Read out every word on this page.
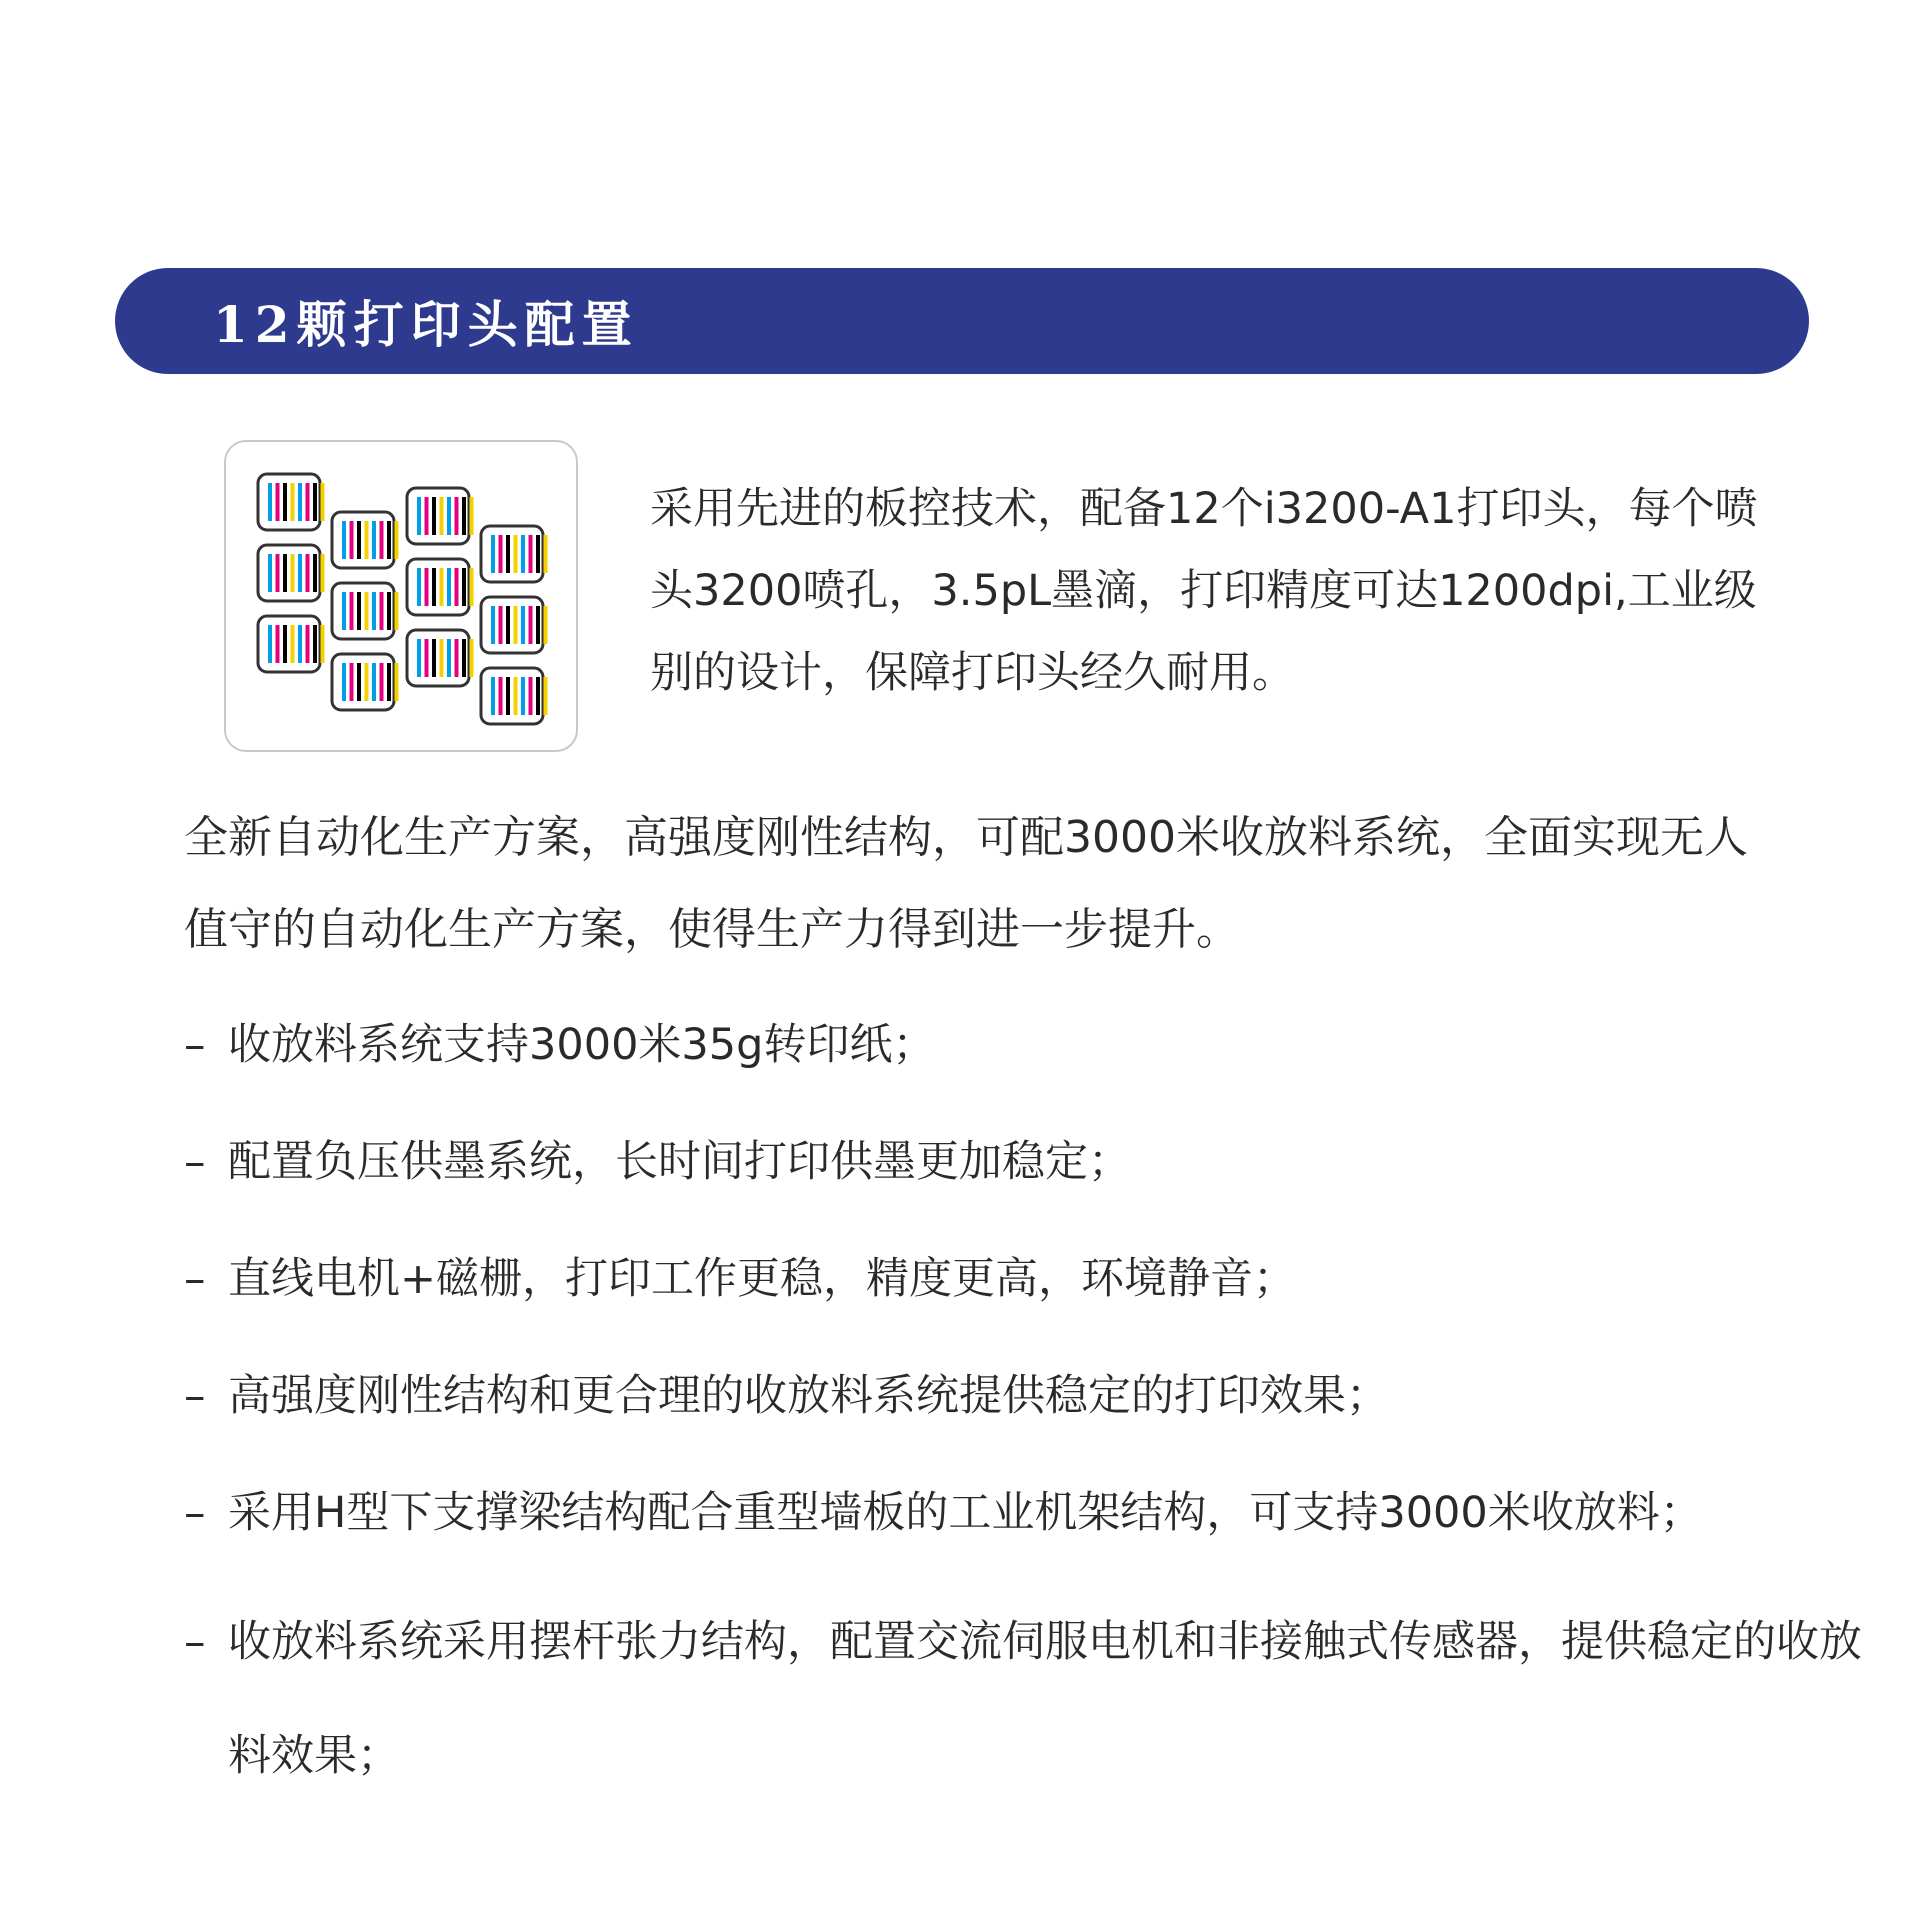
12颗打印头配置

采用先进的板控技术，配备12个i3200-A1打印头，每个喷头3200喷孔，3.5pL墨滴，打印精度可达1200dpi,工业级别的设计，保障打印头经久耐用。

全新自动化生产方案，高强度刚性结构，可配3000米收放料系统，全面实现无人值守的自动化生产方案，使得生产力得到进一步提升。

– 收放料系统支持3000米35g转印纸；
– 配置负压供墨系统，长时间打印供墨更加稳定；
– 直线电机+磁栅，打印工作更稳，精度更高，环境静音；
– 高强度刚性结构和更合理的收放料系统提供稳定的打印效果；
– 采用H型下支撑梁结构配合重型墙板的工业机架结构，可支持3000米收放料；
– 收放料系统采用摆杆张力结构，配置交流伺服电机和非接触式传感器，提供稳定的收放料效果；
